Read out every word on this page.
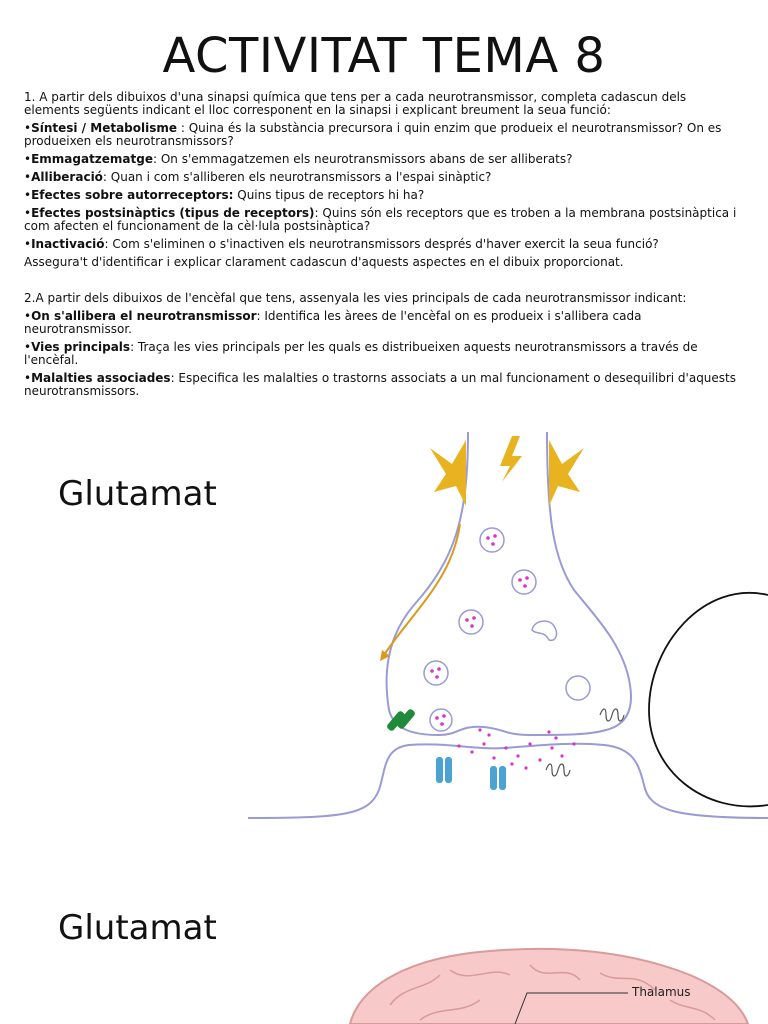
ACTIVITAT TEMA 8

1. A partir dels dibuixos d'una sinapsi química que tens per a cada neurotransmissor, completa cadascun dels elements següents indicant el lloc corresponent en la sinapsi i explicant breument la seua funció:

•Síntesi / Metabolisme : Quina és la substància precursora i quin enzim que produeix el neurotransmissor? On es produeixen els neurotransmissors?

•Emmagatzematge: On s'emmagatzemen els neurotransmissors abans de ser alliberats?

•Alliberació: Quan i com s'alliberen els neurotransmissors a l'espai sinàptic?

•Efectes sobre autorreceptors: Quins tipus de receptors hi ha?

•Efectes postsinàptics (tipus de receptors): Quins són els receptors que es troben a la membrana postsinàptica i com afecten el funcionament de la cèl·lula postsinàptica?

•Inactivació: Com s'eliminen o s'inactiven els neurotransmissors després d'haver exercit la seua funció?

Assegura't d'identificar i explicar clarament cadascun d'aquests aspectes en el dibuix proporcionat.

2.A partir dels dibuixos de l'encèfal que tens, assenyala les vies principals de cada neurotransmissor indicant:

•On s'allibera el neurotransmissor: Identifica les àrees de l'encèfal on es produeix i s'allibera cada neurotransmissor.

•Vies principals: Traça les vies principals per les quals es distribueixen aquests neurotransmissors a través de l'encèfal.

•Malalties associades: Especifica les malalties o trastorns associats a un mal funcionament o desequilibri d'aquests neurotransmissors.

Glutamat
Glutamat
Thalamus
